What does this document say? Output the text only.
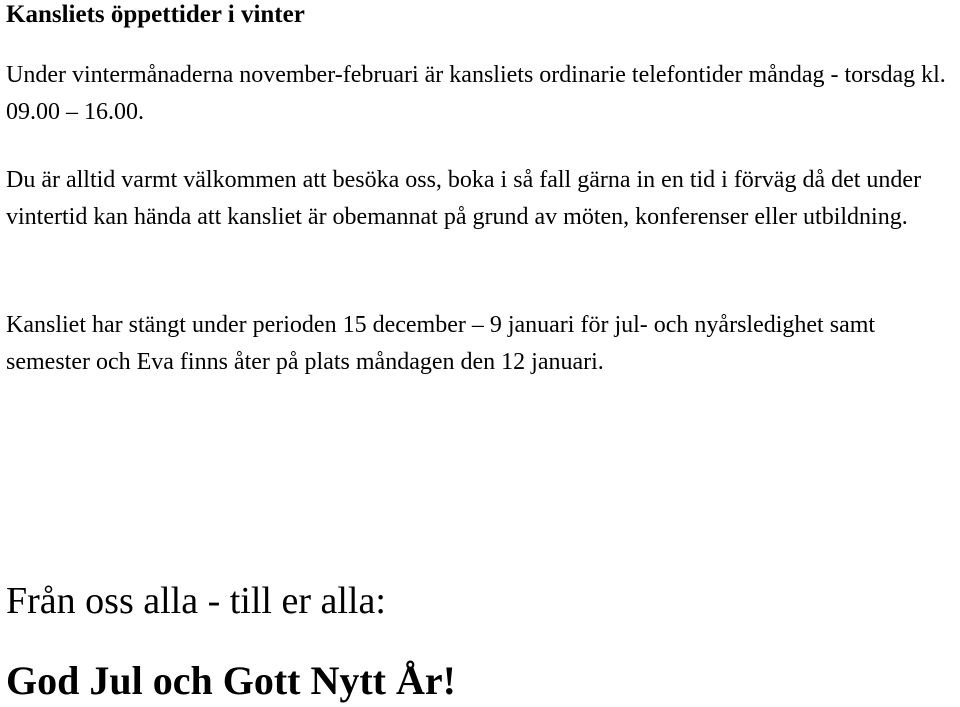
Kansliets öppettider i vinter

Under vintermånaderna november-februari är kansliets ordinarie telefontider måndag - torsdag kl. 09.00 – 16.00.

Du är alltid varmt välkommen att besöka oss, boka i så fall gärna in en tid i förväg då det under vintertid kan hända att kansliet är obemannat på grund av möten, konferenser eller utbildning.

Kansliet har stängt under perioden 15 december – 9 januari för jul- och nyårsledighet samt semester och Eva finns åter på plats måndagen den 12 januari.

Från oss alla - till er alla:

God Jul och Gott Nytt År!
